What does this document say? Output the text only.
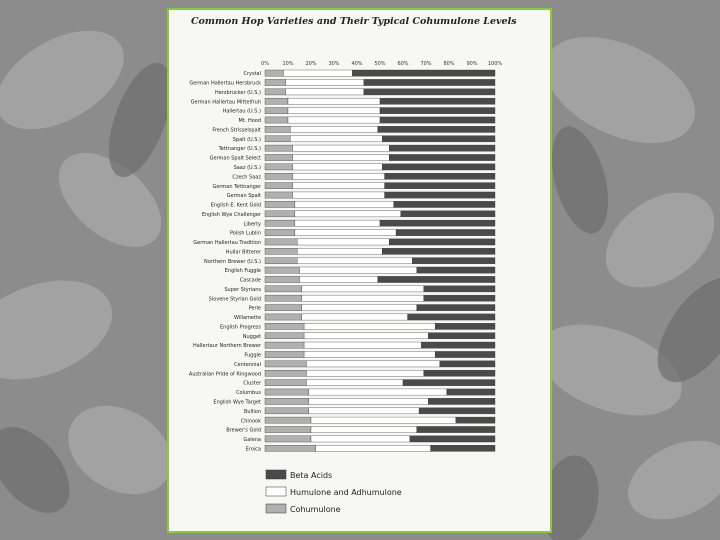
Common Hop Varieties and Their Typical Cohumulone Levels
0%	10% 20% 30% 40% 50% 60% 70% 80% 90% 100%
Crystal
German Hallertau Hersbruck
Hersbrucker (U.S.)
German Hallertau Mittelfruh
Hallertau (U.S.)
Mt. Hood
French Strisselspalt
Spalt (U.S.)
Tettnanger (U.S.)
German Spalt Select
Saaz (U.S.)
Czech Saaz
German Tettnanger
German Spalt
English E. Kent Gold
English Wye Challenger
Liberty
Polish Lublin
German Hallertau Tradition
Hullar Bitterer
Northern Brewer (U.S.)
English Fuggle
Cascade
Super Styrians
Slovene Styrian Gold
Perle
Willamette
English Progress
Nugget
Hallertaur Northern Brewer
Fuggle
Centennial
Australian Pride of Ringwood
Cluster
Columbus
English Wye Target
Bullion
Chinook
Brewer's Gold
Galena
Eroica
Beta Acids
Humulone and Adhumulone
Cohumulone
